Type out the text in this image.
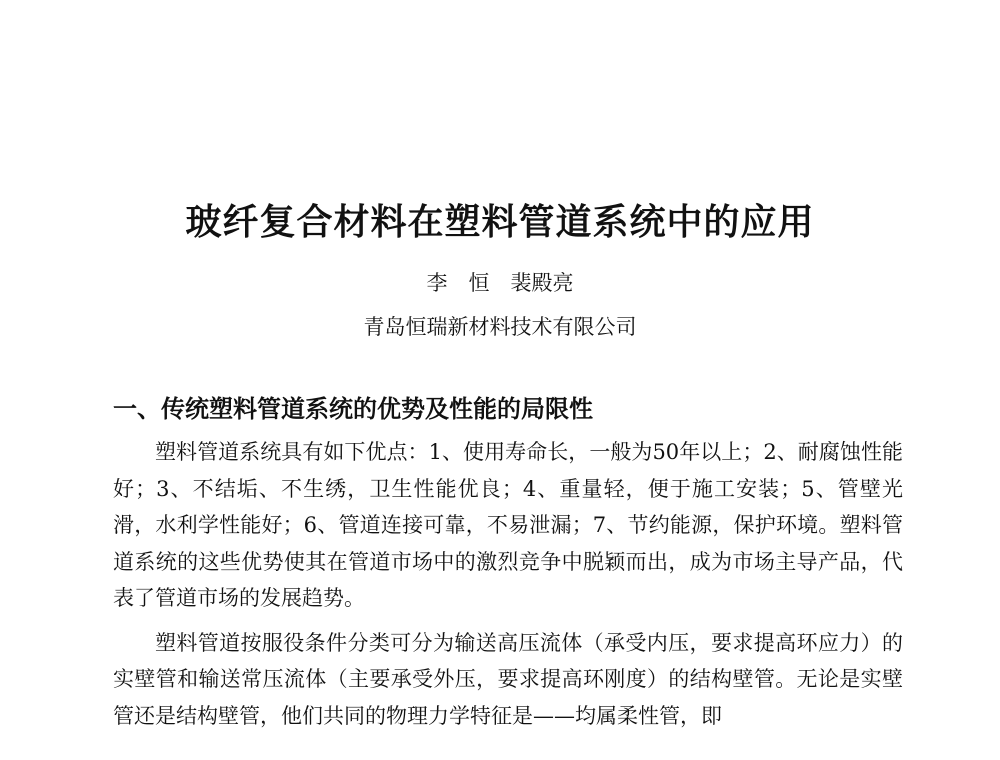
玻纤复合材料在塑料管道系统中的应用
李　恒　裴殿亮
青岛恒瑞新材料技术有限公司
一、传统塑料管道系统的优势及性能的局限性

塑料管道系统具有如下优点：1、使用寿命长，一般为50年以上；2、耐腐蚀性能好；3、不结垢、不生绣，卫生性能优良；4、重量轻，便于施工安装；5、管壁光滑，水利学性能好；6、管道连接可靠，不易泄漏；7、节约能源，保护环境。塑料管道系统的这些优势使其在管道市场中的激烈竞争中脱颖而出，成为市场主导产品，代表了管道市场的发展趋势。

塑料管道按服役条件分类可分为输送高压流体（承受内压，要求提高环应力）的实壁管和输送常压流体（主要承受外压，要求提高环刚度）的结构壁管。无论是实壁管还是结构壁管，他们共同的物理力学特征是——均属柔性管，即
